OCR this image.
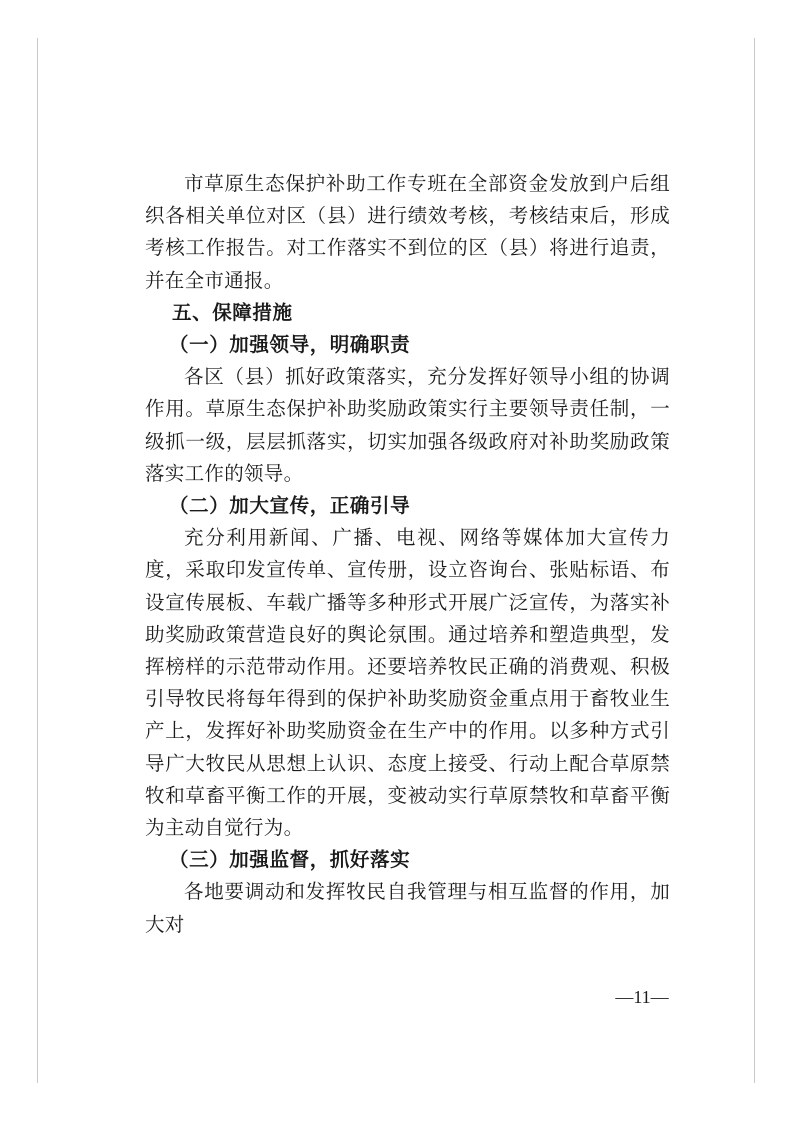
市草原生态保护补助工作专班在全部资金发放到户后组织各相关单位对区（县）进行绩效考核，考核结束后，形成考核工作报告。对工作落实不到位的区（县）将进行追责，并在全市通报。

五、保障措施

（一）加强领导，明确职责

各区（县）抓好政策落实，充分发挥好领导小组的协调作用。草原生态保护补助奖励政策实行主要领导责任制，一级抓一级，层层抓落实，切实加强各级政府对补助奖励政策落实工作的领导。

（二）加大宣传，正确引导

充分利用新闻、广播、电视、网络等媒体加大宣传力度，采取印发宣传单、宣传册，设立咨询台、张贴标语、布设宣传展板、车载广播等多种形式开展广泛宣传，为落实补助奖励政策营造良好的舆论氛围。通过培养和塑造典型，发挥榜样的示范带动作用。还要培养牧民正确的消费观、积极引导牧民将每年得到的保护补助奖励资金重点用于畜牧业生产上，发挥好补助奖励资金在生产中的作用。以多种方式引导广大牧民从思想上认识、态度上接受、行动上配合草原禁牧和草畜平衡工作的开展，变被动实行草原禁牧和草畜平衡为主动自觉行为。

（三）加强监督，抓好落实

各地要调动和发挥牧民自我管理与相互监督的作用，加大对

—11—
